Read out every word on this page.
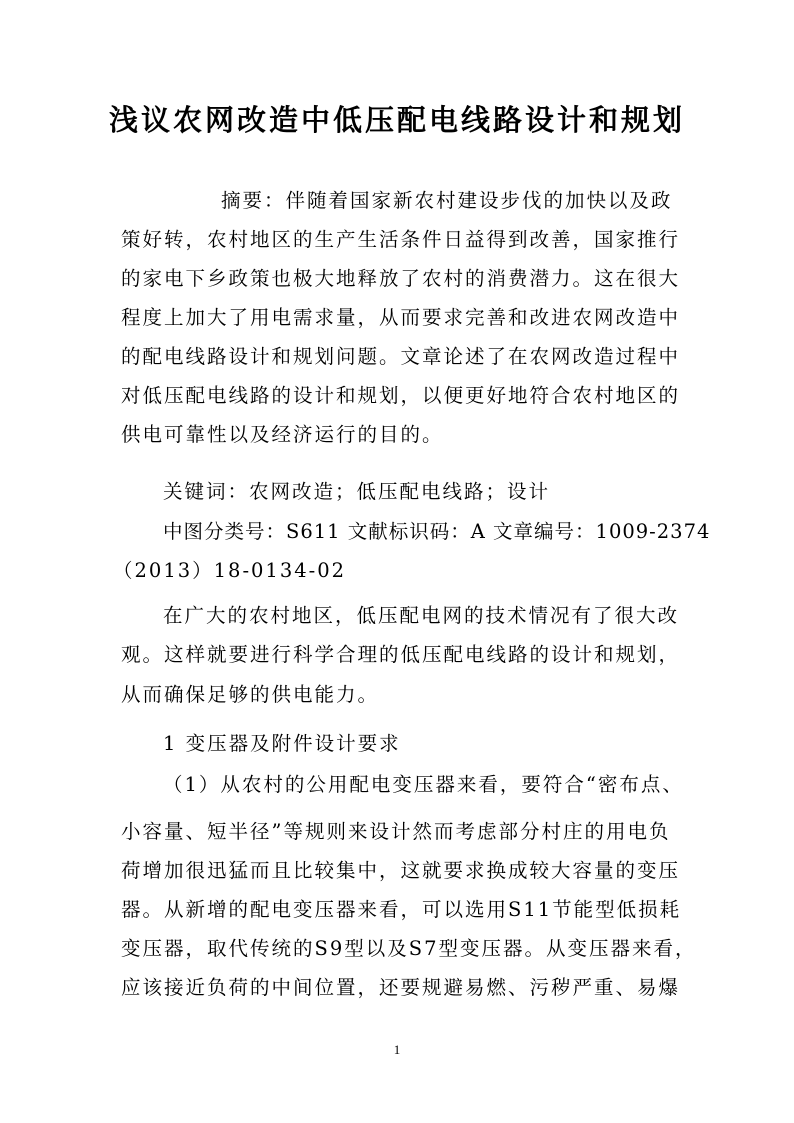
浅议农网改造中低压配电线路设计和规划
摘要：伴随着国家新农村建设步伐的加快以及政
策好转，农村地区的生产生活条件日益得到改善，国家推行
的家电下乡政策也极大地释放了农村的消费潜力。这在很大
程度上加大了用电需求量，从而要求完善和改进农网改造中
的配电线路设计和规划问题。文章论述了在农网改造过程中
对低压配电线路的设计和规划，以便更好地符合农村地区的
供电可靠性以及经济运行的目的。
关键词：农网改造；低压配电线路；设计
中图分类号：S611 文献标识码：A 文章编号：1009-2374
（2013）18-0134-02
在广大的农村地区，低压配电网的技术情况有了很大改
观。这样就要进行科学合理的低压配电线路的设计和规划，
从而确保足够的供电能力。
1 变压器及附件设计要求
（1）从农村的公用配电变压器来看，要符合“密布点、
小容量、短半径”等规则来设计然而考虑部分村庄的用电负
荷增加很迅猛而且比较集中，这就要求换成较大容量的变压
器。从新增的配电变压器来看，可以选用S11节能型低损耗
变压器，取代传统的S9型以及S7型变压器。从变压器来看，
应该接近负荷的中间位置，还要规避易燃、污秽严重、易爆
1
